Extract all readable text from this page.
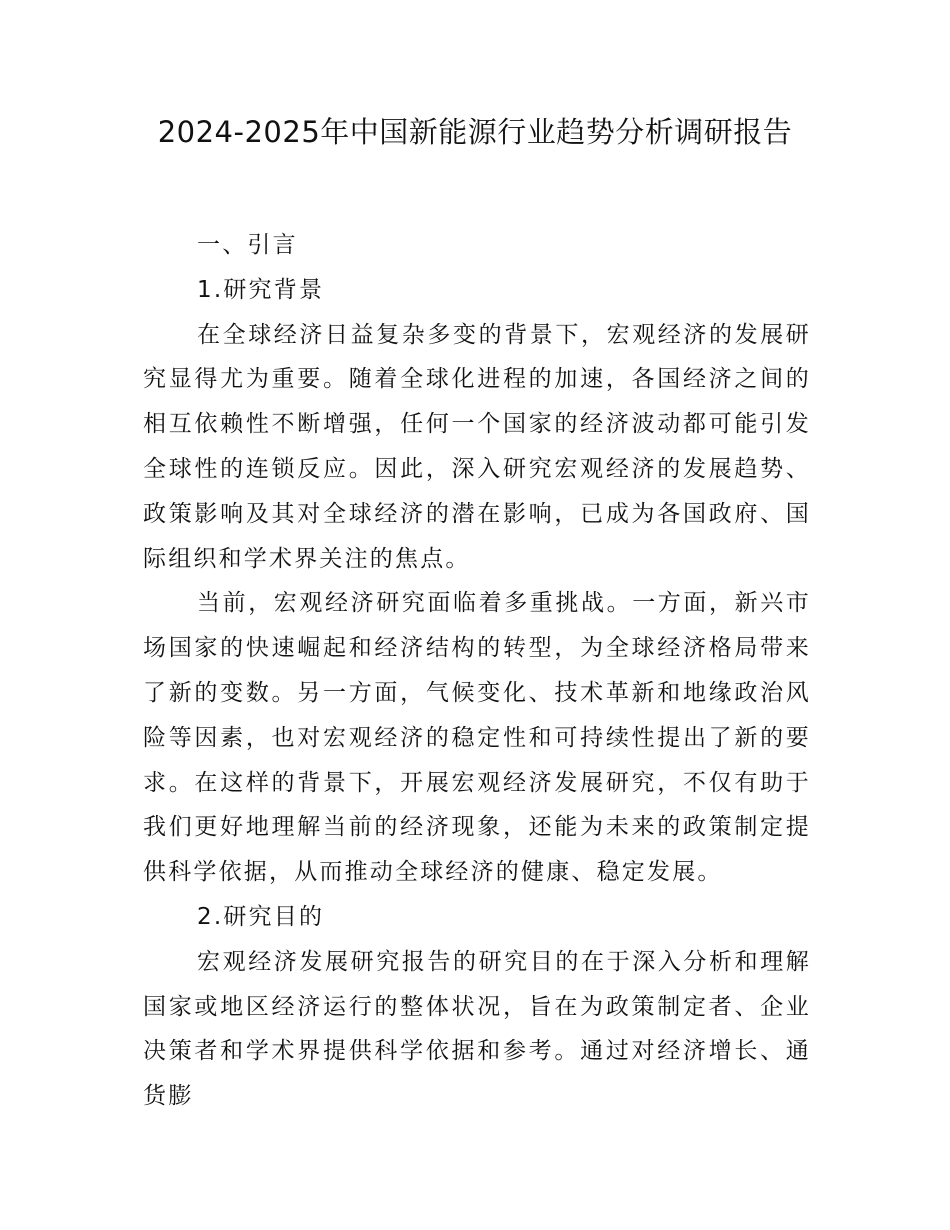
2024-2025年中国新能源行业趋势分析调研报告
一、引言
1.研究背景

在全球经济日益复杂多变的背景下，宏观经济的发展研究显得尤为重要。随着全球化进程的加速，各国经济之间的相互依赖性不断增强，任何一个国家的经济波动都可能引发全球性的连锁反应。因此，深入研究宏观经济的发展趋势、政策影响及其对全球经济的潜在影响，已成为各国政府、国际组织和学术界关注的焦点。

当前，宏观经济研究面临着多重挑战。一方面，新兴市场国家的快速崛起和经济结构的转型，为全球经济格局带来了新的变数。另一方面，气候变化、技术革新和地缘政治风险等因素，也对宏观经济的稳定性和可持续性提出了新的要求。在这样的背景下，开展宏观经济发展研究，不仅有助于我们更好地理解当前的经济现象，还能为未来的政策制定提供科学依据，从而推动全球经济的健康、稳定发展。

2.研究目的

宏观经济发展研究报告的研究目的在于深入分析和理解国家或地区经济运行的整体状况，旨在为政策制定者、企业决策者和学术界提供科学依据和参考。通过对经济增长、通货膨
